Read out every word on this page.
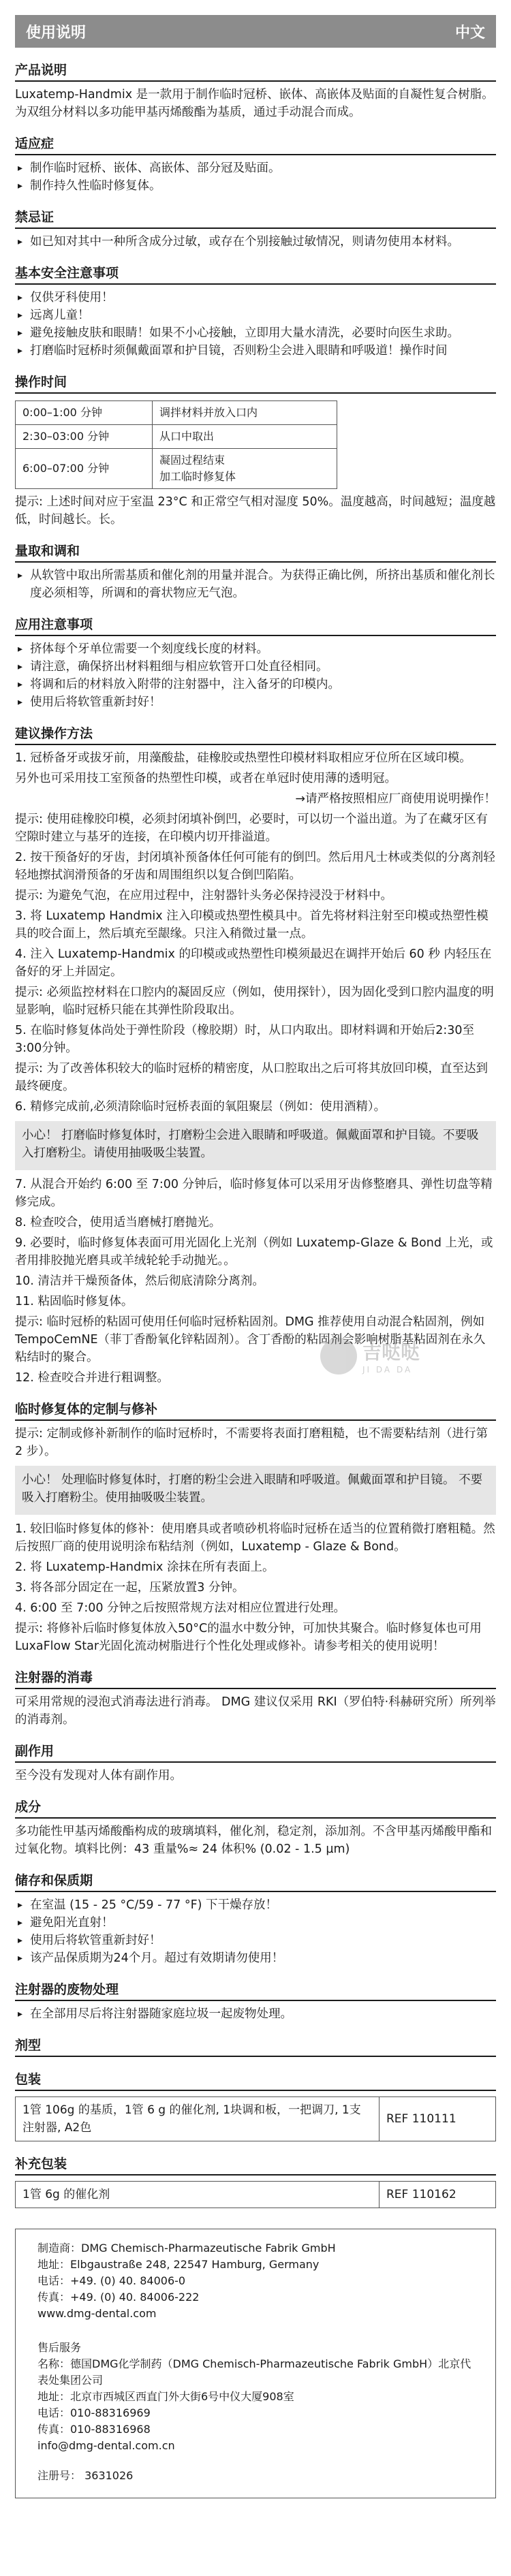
使用说明	中文
产品说明

Luxatemp-Handmix 是一款用于制作临时冠桥、嵌体、高嵌体及贴面的自凝性复合树脂。为双组分材料以多功能甲基丙烯酸酯为基质，通过手动混合而成。

适应症
▸ 制作临时冠桥、嵌体、高嵌体、部分冠及贴面。
▸ 制作持久性临时修复体。
禁忌证
▸ 如已知对其中一种所含成分过敏，或存在个别接触过敏情况，则请勿使用本材料。
基本安全注意事项
▸ 仅供牙科使用！
▸ 远离儿童！
▸ 避免接触皮肤和眼睛！如果不小心接触，立即用大量水清洗，必要时向医生求助。
▸ 打磨临时冠桥时须佩戴面罩和护目镜，否则粉尘会进入眼睛和呼吸道！操作时间
操作时间
0:00–1:00 分钟	调拌材料并放入口内
2:30–03:00 分钟	从口中取出
6:00–07:00 分钟	凝固过程结束
加工临时修复体

提示: 上述时间对应于室温 23°C 和正常空气相对湿度 50%。温度越高，时间越短；温度越低，时间越长。长。

量取和调和
▸ 从软管中取出所需基质和催化剂的用量并混合。为获得正确比例，所挤出基质和催化剂长度必须相等，所调和的膏状物应无气泡。
应用注意事项
▸ 挤体每个牙单位需要一个刻度线长度的材料。
▸ 请注意，确保挤出材料粗细与相应软管开口处直径相同。
▸ 将调和后的材料放入附带的注射器中，注入备牙的印模内。
▸ 使用后将软管重新封好！
建议操作方法

1. 冠桥备牙或拔牙前，用藻酸盐，硅橡胶或热塑性印模材料取相应牙位所在区域印模。

另外也可采用技工室预备的热塑性印模，或者在单冠时使用薄的透明冠。

→请严格按照相应厂商使用说明操作！

提示: 使用硅橡胶印模，必须封闭填补倒凹，必要时，可以切一个溢出道。为了在藏牙区有空隙时建立与基牙的连接，在印模内切开排溢道。

2. 按干预备好的牙齿，封闭填补预备体任何可能有的倒凹。然后用凡士林或类似的分离剂轻轻地擦拭润滑预备的牙齿和周围组织以复合倒凹陷陷。

提示: 为避免气泡，在应用过程中，注射器针头务必保持浸没于材料中。

3. 将 Luxatemp Handmix 注入印模或热塑性模具中。首先将材料注射至印模或热塑性模具的咬合面上，然后填充至龈缘。只注入稍微过量一点。

4. 注入 Luxatemp-Handmix 的印模或或热塑性印模须最迟在调拌开始后 60 秒 内轻压在备好的牙上并固定。

提示: 必须监控材料在口腔内的凝固反应（例如，使用探针），因为固化受到口腔内温度的明显影响，临时冠桥只能在其弹性阶段取出。

5. 在临时修复体尚处于弹性阶段（橡胶期）时，从口内取出。即材料调和开始后2:30至3:00分钟。

提示: 为了改善体积较大的临时冠桥的精密度，从口腔取出之后可将其放回印模，直至达到最终硬度。

6. 精修完成前,必须清除临时冠桥表面的氧阻聚层（例如：使用酒精）。

小心！ 打磨临时修复体时，打磨粉尘会进入眼睛和呼吸道。佩戴面罩和护目镜。不要吸入打磨粉尘。请使用抽吸吸尘装置。

7. 从混合开始约 6:00 至 7:00 分钟后，临时修复体可以采用牙齿修整磨具、弹性切盘等精修完成。

8. 检查咬合，使用适当磨械打磨抛光。

9. 必要时，临时修复体表面可用光固化上光剂（例如 Luxatemp-Glaze & Bond 上光，或者用排胶抛光磨具或羊绒轮轮手动抛光。。

10. 清洁并干燥预备体，然后彻底清除分离剂。

11. 粘固临时修复体。

提示: 临时冠桥的粘固可使用任何临时冠桥粘固剂。DMG 推荐使用自动混合粘固剂，例如 TempoCemNE（菲丁香酚氧化锌粘固剂）。含丁香酚的粘固剂会影响树脂基粘固剂在永久粘结时的聚合。

12. 检查咬合并进行粗调整。

临时修复体的定制与修补

提示: 定制或修补新制作的临时冠桥时，不需要将表面打磨粗糙，也不需要粘结剂（进行第 2 步）。

小心！ 处理临时修复体时，打磨的粉尘会进入眼睛和呼吸道。佩戴面罩和护目镜。 不要吸入打磨粉尘。使用抽吸吸尘装置。

1. 较旧临时修复体的修补：使用磨具或者喷砂机将临时冠桥在适当的位置稍微打磨粗糙。然后按照厂商的使用说明涂布粘结剂（例如，Luxatemp - Glaze & Bond。

2. 将 Luxatemp-Handmix 涂抹在所有表面上。

3. 将各部分固定在一起，压紧放置3 分钟。

4. 6:00 至 7:00 分钟之后按照常规方法对相应位置进行处理。

提示: 将修补后临时修复体放入50°C的温水中数分钟，可加快其聚合。临时修复体也可用LuxaFlow Star光固化流动树脂进行个性化处理或修补。请参考相关的使用说明！

注射器的消毒

可采用常规的浸泡式消毒法进行消毒。 DMG 建议仅采用 RKI（罗伯特·科赫研究所）所列举的消毒剂。

副作用

至今没有发现对人体有副作用。

成分

多功能性甲基丙烯酸酯构成的玻璃填料，催化剂，稳定剂，添加剂。不含甲基丙烯酸甲酯和过氧化物。填料比例：43 重量%≈ 24 体积% (0.02 - 1.5 µm)

储存和保质期
▸ 在室温 (15 - 25 °C/59 - 77 °F) 下干燥存放！
▸ 避免阳光直射！
▸ 使用后将软管重新封好！
▸ 该产品保质期为24个月。超过有效期请勿使用！
注射器的废物处理
▸ 在全部用尽后将注射器随家庭垃圾一起废物处理。
剂型
包装
1管 106g 的基质，1管 6 g 的催化剂, 1块调和板，一把调刀, 1支注射器, A2色	REF 110111
补充包装
1管 6g 的催化剂	REF 110162

制造商：DMG Chemisch-Pharmazeutische Fabrik GmbH

地址：Elbgaustraße 248, 22547 Hamburg, Germany

电话：+49. (0) 40. 84006-0

传真：+49. (0) 40. 84006-222

www.dmg-dental.com

售后服务

名称：德国DMG化学制药（DMG Chemisch-Pharmazeutische Fabrik GmbH）北京代表处集团公司

地址：北京市西城区西直门外大街6号中仪大厦908室

电话：010-88316969

传真：010-88316968

info@dmg-dental.com.cn

注册号： 3631026

吉哒哒
JI DA DA
